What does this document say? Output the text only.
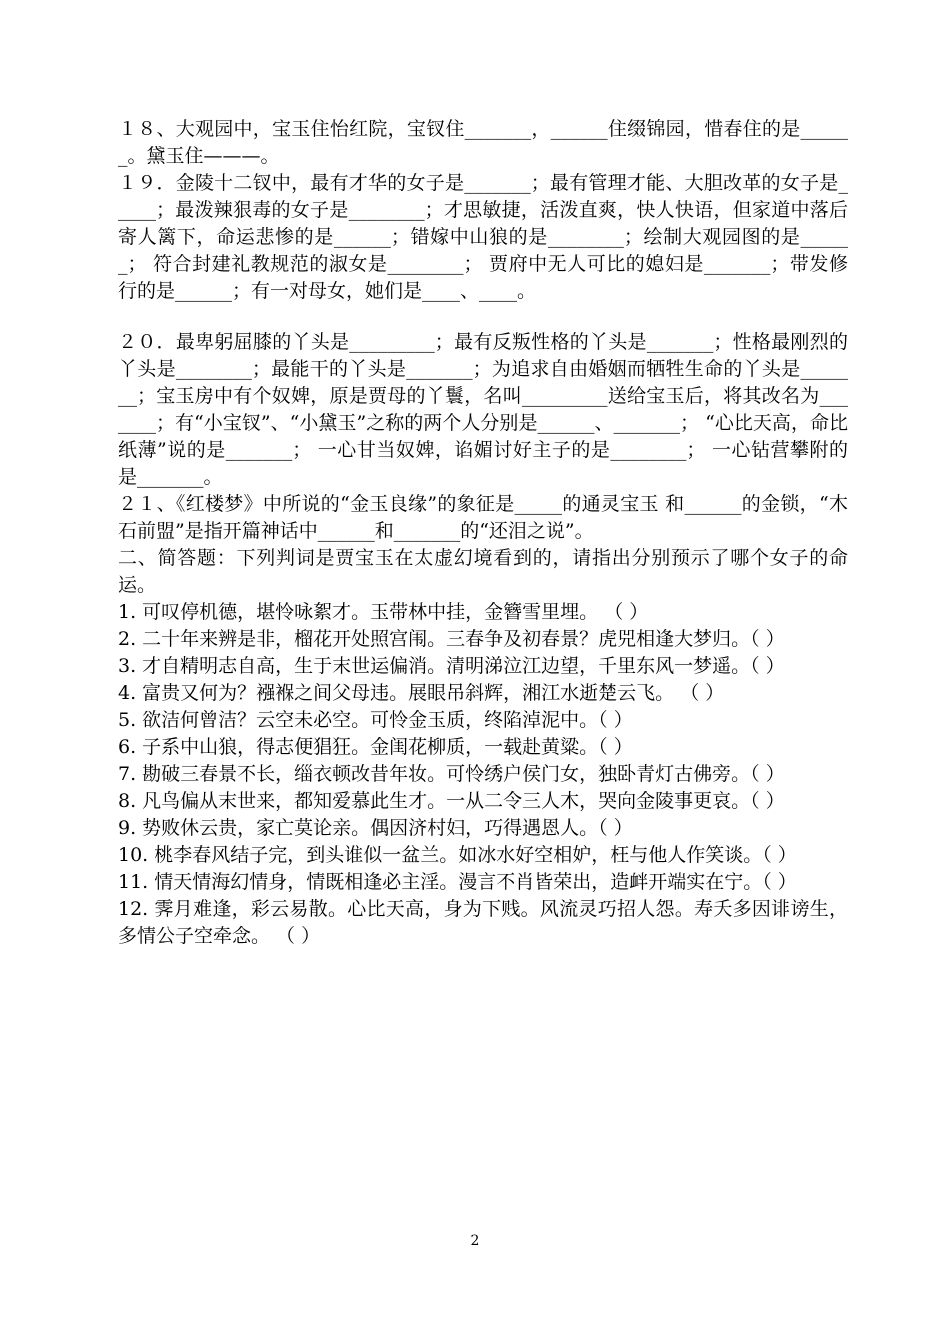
１８、大观园中，宝玉住怡红院，宝钗住_______，______住缀锦园，惜春住的是______。黛玉住———。

１９．金陵十二钗中，最有才华的女子是_______；最有管理才能、大胆改革的女子是_____；最泼辣狠毒的女子是________；才思敏捷，活泼直爽，快人快语，但家道中落后寄人篱下，命运悲惨的是______；错嫁中山狼的是________；绘制大观园图的是______； 符合封建礼教规范的淑女是________； 贾府中无人可比的媳妇是_______；带发修行的是______；有一对母女，她们是____、____。

２０．最卑躬屈膝的丫头是_________；最有反叛性格的丫头是_______；性格最刚烈的丫头是________；最能干的丫头是_______；为追求自由婚姻而牺牲生命的丫头是_______；宝玉房中有个奴婢，原是贾母的丫鬟，名叫_________送给宝玉后，将其改名为_______；有“小宝钗”、“小黛玉”之称的两个人分别是______、_______； “心比天高，命比纸薄”说的是_______； 一心甘当奴婢，谄媚讨好主子的是________； 一心钻营攀附的是_______。

２１、《红楼梦》中所说的“金玉良缘”的象征是_____的通灵宝玉 和______的金锁，“木石前盟”是指开篇神话中______和_______的“还泪之说”。

二、简答题：下列判词是贾宝玉在太虚幻境看到的，请指出分别预示了哪个女子的命运。

1. 可叹停机德，堪怜咏絮才。玉带林中挂，金簪雪里埋。 （ ）

2. 二十年来辨是非，榴花开处照宫闱。三春争及初春景？虎兕相逢大梦归。（ ）

3. 才自精明志自高，生于末世运偏消。清明涕泣江边望，千里东风一梦遥。（ ）

4. 富贵又何为？襁褓之间父母违。展眼吊斜辉，湘江水逝楚云飞。 （ ）

5. 欲洁何曾洁？云空未必空。可怜金玉质，终陷淖泥中。（ ）

6. 子系中山狼，得志便猖狂。金闺花柳质，一载赴黄粱。（ ）

7. 勘破三春景不长，缁衣顿改昔年妆。可怜绣户侯门女，独卧青灯古佛旁。（ ）

8. 凡鸟偏从末世来，都知爱慕此生才。一从二令三人木，哭向金陵事更哀。（ ）

9. 势败休云贵，家亡莫论亲。偶因济村妇，巧得遇恩人。（ ）

10. 桃李春风结子完，到头谁似一盆兰。如冰水好空相妒，枉与他人作笑谈。（ ）

11. 情天情海幻情身，情既相逢必主淫。漫言不肖皆荣出，造衅开端实在宁。（ ）

12. 霁月难逢，彩云易散。心比天高，身为下贱。风流灵巧招人怨。寿夭多因诽谤生，多情公子空牵念。 （ ）

2
